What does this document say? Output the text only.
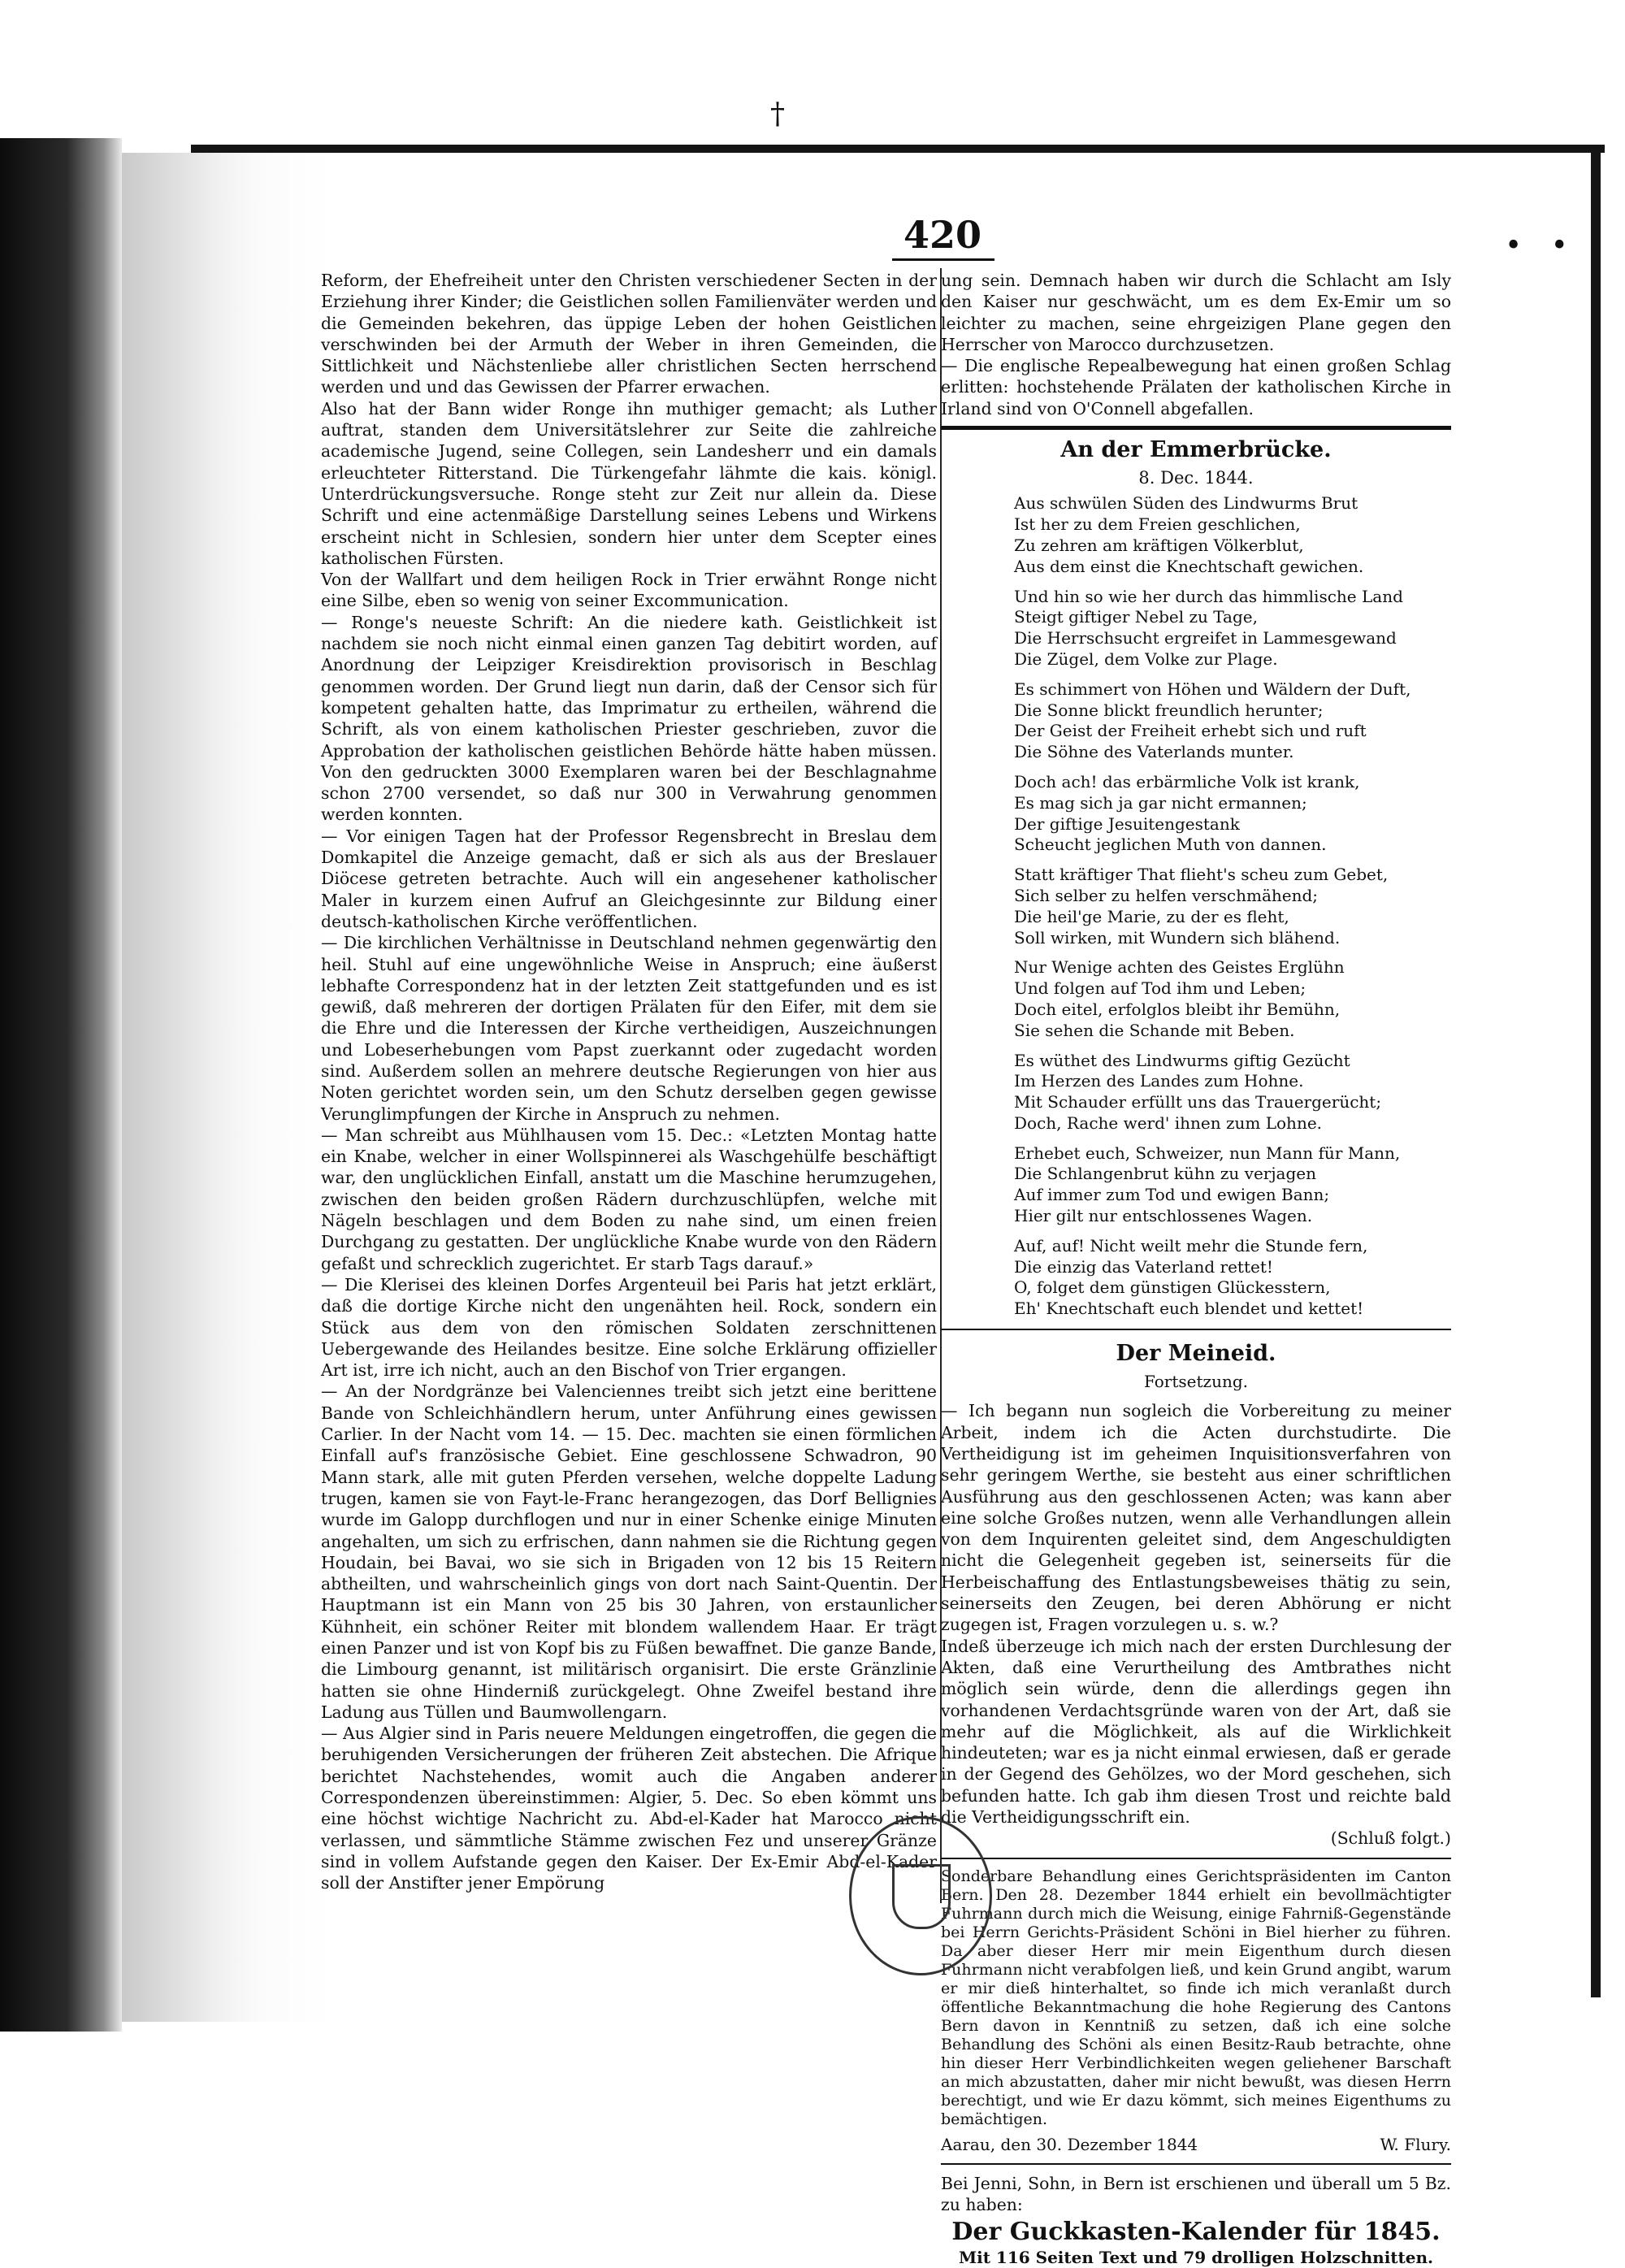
†
• •
420

Reform, der Ehefreiheit unter den Christen verschiedener Secten in der Erziehung ihrer Kinder; die Geistlichen sollen Familienväter werden und die Gemeinden bekehren, das üppige Leben der hohen Geistlichen verschwinden bei der Armuth der Weber in ihren Gemeinden, die Sittlichkeit und Nächstenliebe aller christlichen Secten herrschend werden und und das Gewissen der Pfarrer erwachen.

Also hat der Bann wider Ronge ihn muthiger gemacht; als Luther auftrat, standen dem Universitätslehrer zur Seite die zahlreiche academische Jugend, seine Collegen, sein Landesherr und ein damals erleuchteter Ritterstand. Die Türkengefahr lähmte die kais. königl. Unterdrückungsversuche. Ronge steht zur Zeit nur allein da. Diese Schrift und eine actenmäßige Darstellung seines Lebens und Wirkens erscheint nicht in Schlesien, sondern hier unter dem Scepter eines katholischen Fürsten.

Von der Wallfart und dem heiligen Rock in Trier erwähnt Ronge nicht eine Silbe, eben so wenig von seiner Excommunication.

— Ronge's neueste Schrift: An die niedere kath. Geistlichkeit ist nachdem sie noch nicht einmal einen ganzen Tag debitirt worden, auf Anordnung der Leipziger Kreisdirektion provisorisch in Beschlag genommen worden. Der Grund liegt nun darin, daß der Censor sich für kompetent gehalten hatte, das Imprimatur zu ertheilen, während die Schrift, als von einem katholischen Priester geschrieben, zuvor die Approbation der katholischen geistlichen Behörde hätte haben müssen. Von den gedruckten 3000 Exemplaren waren bei der Beschlagnahme schon 2700 versendet, so daß nur 300 in Verwahrung genommen werden konnten.

— Vor einigen Tagen hat der Professor Regensbrecht in Breslau dem Domkapitel die Anzeige gemacht, daß er sich als aus der Breslauer Diöcese getreten betrachte. Auch will ein angesehener katholischer Maler in kurzem einen Aufruf an Gleichgesinnte zur Bildung einer deutsch-katholischen Kirche veröffentlichen.

— Die kirchlichen Verhältnisse in Deutschland nehmen gegenwärtig den heil. Stuhl auf eine ungewöhnliche Weise in Anspruch; eine äußerst lebhafte Correspondenz hat in der letzten Zeit stattgefunden und es ist gewiß, daß mehreren der dortigen Prälaten für den Eifer, mit dem sie die Ehre und die Interessen der Kirche vertheidigen, Auszeichnungen und Lobeserhebungen vom Papst zuerkannt oder zugedacht worden sind. Außerdem sollen an mehrere deutsche Regierungen von hier aus Noten gerichtet worden sein, um den Schutz derselben gegen gewisse Verunglimpfungen der Kirche in Anspruch zu nehmen.

— Man schreibt aus Mühlhausen vom 15. Dec.: «Letzten Montag hatte ein Knabe, welcher in einer Wollspinnerei als Waschgehülfe beschäftigt war, den unglücklichen Einfall, anstatt um die Maschine herumzugehen, zwischen den beiden großen Rädern durchzuschlüpfen, welche mit Nägeln beschlagen und dem Boden zu nahe sind, um einen freien Durchgang zu gestatten. Der unglückliche Knabe wurde von den Rädern gefaßt und schrecklich zugerichtet. Er starb Tags darauf.»

— Die Klerisei des kleinen Dorfes Argenteuil bei Paris hat jetzt erklärt, daß die dortige Kirche nicht den ungenähten heil. Rock, sondern ein Stück aus dem von den römischen Soldaten zerschnittenen Uebergewande des Heilandes besitze. Eine solche Erklärung offizieller Art ist, irre ich nicht, auch an den Bischof von Trier ergangen.

— An der Nordgränze bei Valenciennes treibt sich jetzt eine berittene Bande von Schleichhändlern herum, unter Anführung eines gewissen Carlier. In der Nacht vom 14. — 15. Dec. machten sie einen förmlichen Einfall auf's französische Gebiet. Eine geschlossene Schwadron, 90 Mann stark, alle mit guten Pferden versehen, welche doppelte Ladung trugen, kamen sie von Fayt-le-Franc herangezogen, das Dorf Bellignies wurde im Galopp durchflogen und nur in einer Schenke einige Minuten angehalten, um sich zu erfrischen, dann nahmen sie die Richtung gegen Houdain, bei Bavai, wo sie sich in Brigaden von 12 bis 15 Reitern abtheilten, und wahrscheinlich gings von dort nach Saint-Quentin. Der Hauptmann ist ein Mann von 25 bis 30 Jahren, von erstaunlicher Kühnheit, ein schöner Reiter mit blondem wallendem Haar. Er trägt einen Panzer und ist von Kopf bis zu Füßen bewaffnet. Die ganze Bande, die Limbourg genannt, ist militärisch organisirt. Die erste Gränzlinie hatten sie ohne Hinderniß zurückgelegt. Ohne Zweifel bestand ihre Ladung aus Tüllen und Baumwollengarn.

— Aus Algier sind in Paris neuere Meldungen eingetroffen, die gegen die beruhigenden Versicherungen der früheren Zeit abstechen. Die Afrique berichtet Nachstehendes, womit auch die Angaben anderer Correspondenzen übereinstimmen: Algier, 5. Dec. So eben kömmt uns eine höchst wichtige Nachricht zu. Abd-el-Kader hat Marocco nicht verlassen, und sämmtliche Stämme zwischen Fez und unserer Gränze sind in vollem Aufstande gegen den Kaiser. Der Ex-Emir Abd-el-Kader soll der Anstifter jener Empörung

ung sein. Demnach haben wir durch die Schlacht am Isly den Kaiser nur geschwächt, um es dem Ex-Emir um so leichter zu machen, seine ehrgeizigen Plane gegen den Herrscher von Marocco durchzusetzen.

— Die englische Repealbewegung hat einen großen Schlag erlitten: hochstehende Prälaten der katholischen Kirche in Irland sind von O'Connell abgefallen.

An der Emmerbrücke.
8. Dec. 1844.
Aus schwülen Süden des Lindwurms Brut
Ist her zu dem Freien geschlichen,
Zu zehren am kräftigen Völkerblut,
Aus dem einst die Knechtschaft gewichen.
Und hin so wie her durch das himmlische Land
Steigt giftiger Nebel zu Tage,
Die Herrschsucht ergreifet in Lammesgewand
Die Zügel, dem Volke zur Plage.
Es schimmert von Höhen und Wäldern der Duft,
Die Sonne blickt freundlich herunter;
Der Geist der Freiheit erhebt sich und ruft
Die Söhne des Vaterlands munter.
Doch ach! das erbärmliche Volk ist krank,
Es mag sich ja gar nicht ermannen;
Der giftige Jesuitengestank
Scheucht jeglichen Muth von dannen.
Statt kräftiger That flieht's scheu zum Gebet,
Sich selber zu helfen verschmähend;
Die heil'ge Marie, zu der es fleht,
Soll wirken, mit Wundern sich blähend.
Nur Wenige achten des Geistes Erglühn
Und folgen auf Tod ihm und Leben;
Doch eitel, erfolglos bleibt ihr Bemühn,
Sie sehen die Schande mit Beben.
Es wüthet des Lindwurms giftig Gezücht
Im Herzen des Landes zum Hohne.
Mit Schauder erfüllt uns das Trauergerücht;
Doch, Rache werd' ihnen zum Lohne.
Erhebet euch, Schweizer, nun Mann für Mann,
Die Schlangenbrut kühn zu verjagen
Auf immer zum Tod und ewigen Bann;
Hier gilt nur entschlossenes Wagen.
Auf, auf! Nicht weilt mehr die Stunde fern,
Die einzig das Vaterland rettet!
O, folget dem günstigen Glückesstern,
Eh' Knechtschaft euch blendet und kettet!
Der Meineid.
Fortsetzung.

— Ich begann nun sogleich die Vorbereitung zu meiner Arbeit, indem ich die Acten durchstudirte. Die Vertheidigung ist im geheimen Inquisitionsverfahren von sehr geringem Werthe, sie besteht aus einer schriftlichen Ausführung aus den geschlossenen Acten; was kann aber eine solche Großes nutzen, wenn alle Verhandlungen allein von dem Inquirenten geleitet sind, dem Angeschuldigten nicht die Gelegenheit gegeben ist, seinerseits für die Herbeischaffung des Entlastungsbeweises thätig zu sein, seinerseits den Zeugen, bei deren Abhörung er nicht zugegen ist, Fragen vorzulegen u. s. w.?

Indeß überzeuge ich mich nach der ersten Durchlesung der Akten, daß eine Verurtheilung des Amtbrathes nicht möglich sein würde, denn die allerdings gegen ihn vorhandenen Verdachtsgründe waren von der Art, daß sie mehr auf die Möglichkeit, als auf die Wirklichkeit hindeuteten; war es ja nicht einmal erwiesen, daß er gerade in der Gegend des Gehölzes, wo der Mord geschehen, sich befunden hatte. Ich gab ihm diesen Trost und reichte bald die Vertheidigungsschrift ein.

(Schluß folgt.)

Sonderbare Behandlung eines Gerichtspräsidenten im Canton Bern. Den 28. Dezember 1844 erhielt ein bevollmächtigter Fuhrmann durch mich die Weisung, einige Fahrniß-Gegenstände bei Herrn Gerichts-Präsident Schöni in Biel hierher zu führen. Da aber dieser Herr mir mein Eigenthum durch diesen Fuhrmann nicht verabfolgen ließ, und kein Grund angibt, warum er mir dieß hinterhaltet, so finde ich mich veranlaßt durch öffentliche Bekanntmachung die hohe Regierung des Cantons Bern davon in Kenntniß zu setzen, daß ich eine solche Behandlung des Schöni als einen Besitz-Raub betrachte, ohne hin dieser Herr Verbindlichkeiten wegen geliehener Barschaft an mich abzustatten, daher mir nicht bewußt, was diesen Herrn berechtigt, und wie Er dazu kömmt, sich meines Eigenthums zu bemächtigen.

Aarau, den 30. Dezember 1844	W. Flury.

Bei Jenni, Sohn, in Bern ist erschienen und überall um 5 Bz. zu haben:

Der Guckkasten-Kalender für 1845.
Mit 116 Seiten Text und 79 drolligen Holzschnitten.
